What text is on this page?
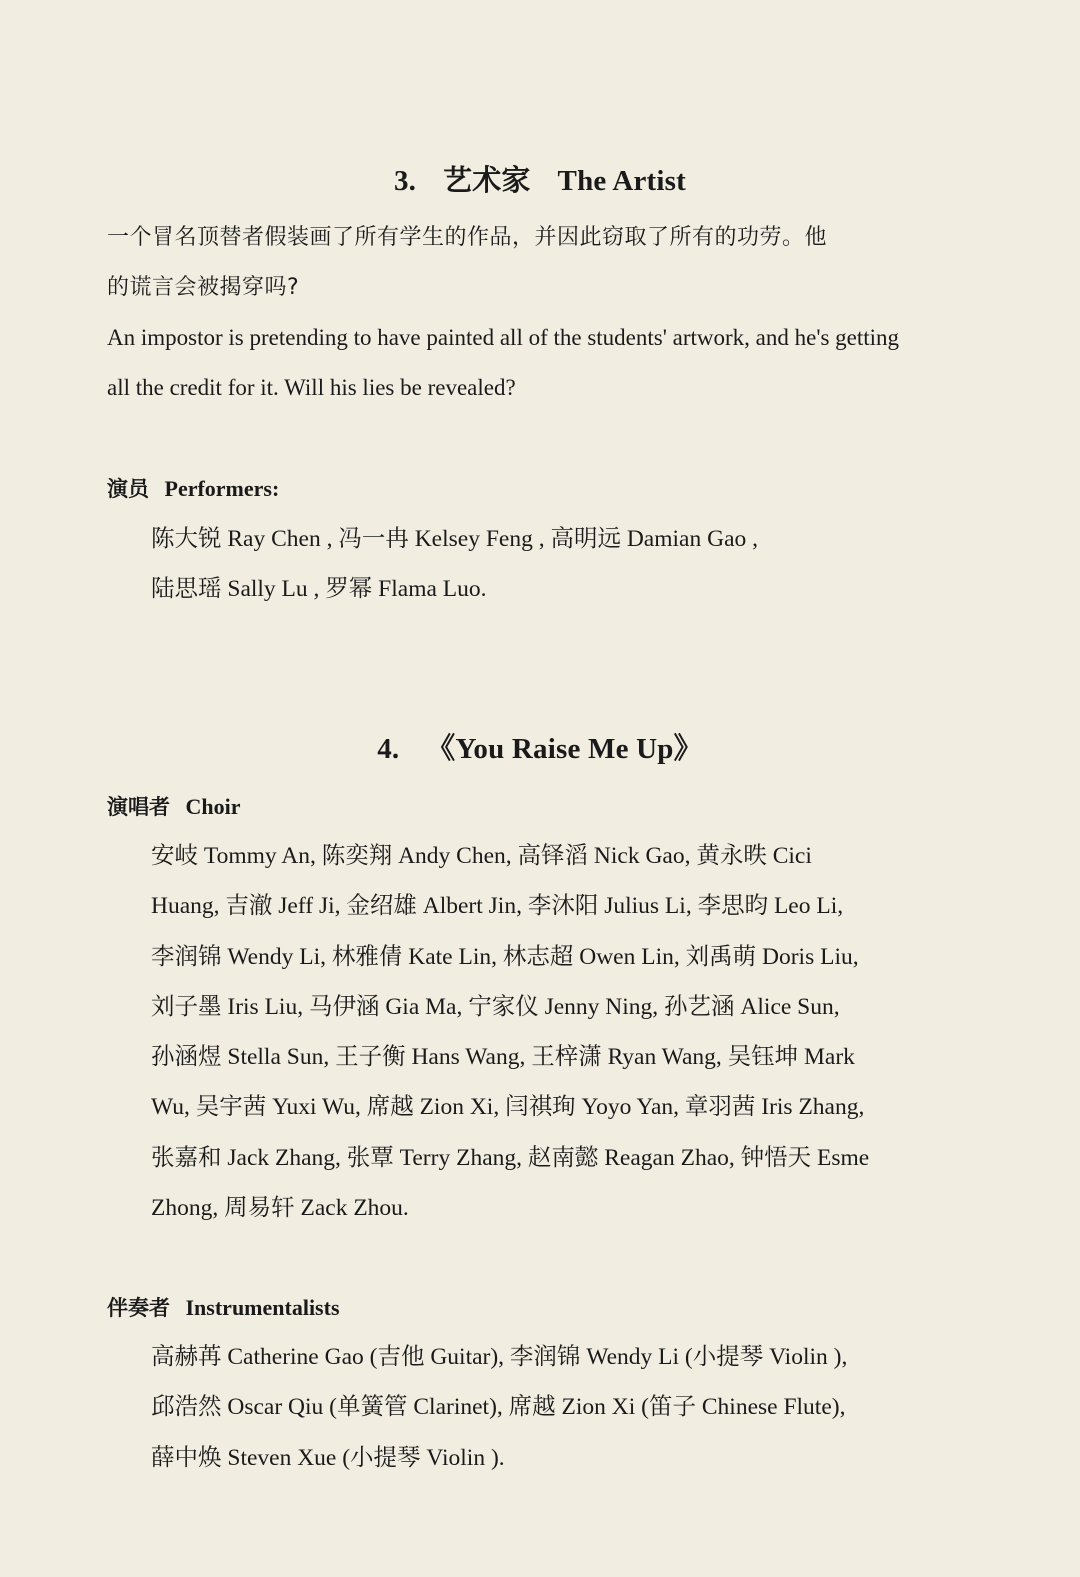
3. 艺术家 The Artist
一个冒名顶替者假装画了所有学生的作品，并因此窃取了所有的功劳。他
的谎言会被揭穿吗?
An impostor is pretending to have painted all of the students' artwork, and he's getting
all the credit for it. Will his lies be revealed?
演员 Performers:
陈大锐 Ray Chen , 冯一冉 Kelsey Feng , 高明远 Damian Gao ,
陆思瑶 Sally Lu , 罗幂 Flama Luo.
4. 《You Raise Me Up》
演唱者 Choir
安岐 Tommy An, 陈奕翔 Andy Chen, 高铎滔 Nick Gao, 黄永昳 Cici
Huang, 吉澈 Jeff Ji, 金绍雄 Albert Jin, 李沐阳 Julius Li, 李思昀 Leo Li,
李润锦 Wendy Li, 林雅倩 Kate Lin, 林志超 Owen Lin, 刘禹萌 Doris Liu,
刘子墨 Iris Liu, 马伊涵 Gia Ma, 宁家仪 Jenny Ning, 孙艺涵 Alice Sun,
孙涵煜 Stella Sun, 王子衡 Hans Wang, 王梓潇 Ryan Wang, 吴钰坤 Mark
Wu, 吴宇茜 Yuxi Wu, 席越 Zion Xi, 闫祺珣 Yoyo Yan, 章羽茜 Iris Zhang,
张嘉和 Jack Zhang, 张覃 Terry Zhang, 赵南懿 Reagan Zhao, 钟悟天 Esme
Zhong, 周易轩 Zack Zhou.
伴奏者 Instrumentalists
高赫苒 Catherine Gao (吉他 Guitar), 李润锦 Wendy Li (小提琴 Violin ),
邱浩然 Oscar Qiu (单簧管 Clarinet), 席越 Zion Xi (笛子 Chinese Flute),
薛中焕 Steven Xue (小提琴 Violin ).
